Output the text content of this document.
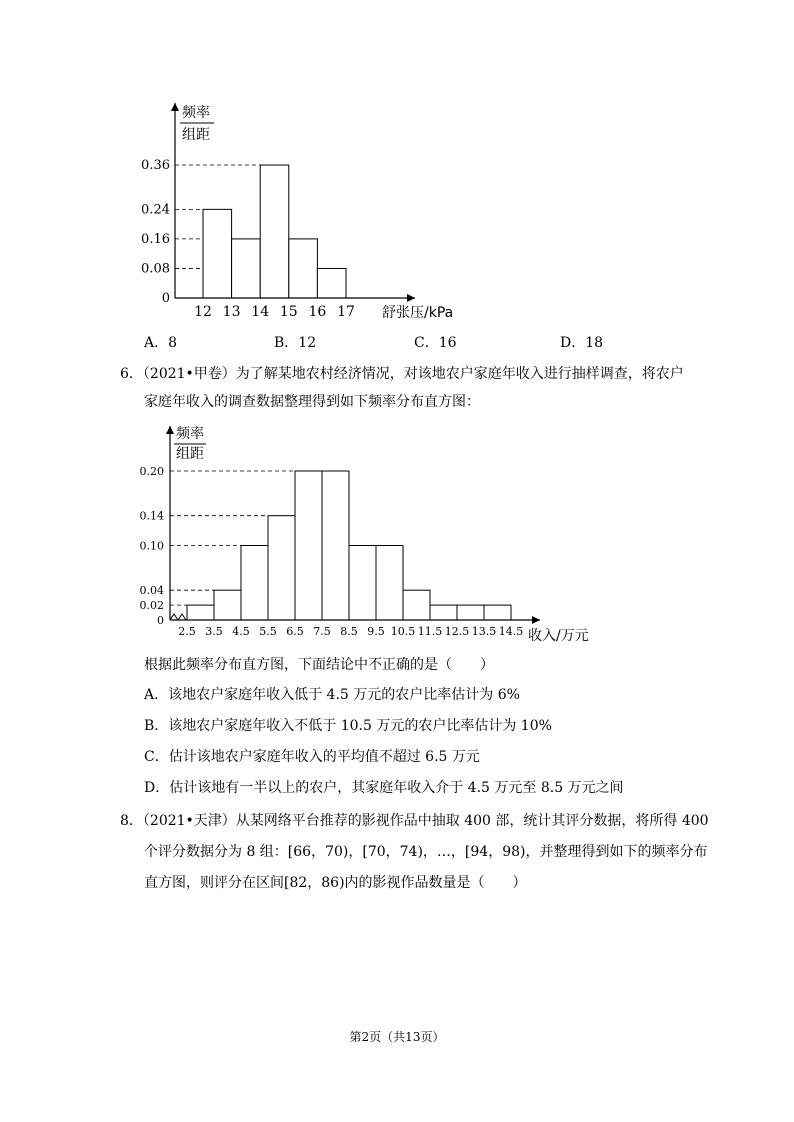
12 13 14 15 16 17
0
0.08
0.16
0.24
0.36
频率
组距
舒张压/kPa
A．8	B．12	C．16	D．18
6．（2021•甲卷）为了解某地农村经济情况，对该地农户家庭年收入进行抽样调查，将农户
家庭年收入的调查数据整理得到如下频率分布直方图：
2.5 3.5 4.5 5.5 6.5 7.5 8.5 9.5 10.5 11.5 12.5 13.5 14.5
0
0.02
0.04
0.10
0.14
0.20
频率
组距
收入/万元
根据此频率分布直方图，下面结论中不正确的是（　　）
A．该地农户家庭年收入低于 4.5 万元的农户比率估计为 6%
B．该地农户家庭年收入不低于 10.5 万元的农户比率估计为 10%
C．估计该地农户家庭年收入的平均值不超过 6.5 万元
D．估计该地有一半以上的农户，其家庭年收入介于 4.5 万元至 8.5 万元之间
8．（2021•天津）从某网络平台推荐的影视作品中抽取 400 部，统计其评分数据，将所得 400
个评分数据分为 8 组：[66，70)，[70，74)，…，[94，98)，并整理得到如下的频率分布
直方图，则评分在区间[82，86)内的影视作品数量是（　　）
第2页（共13页）
